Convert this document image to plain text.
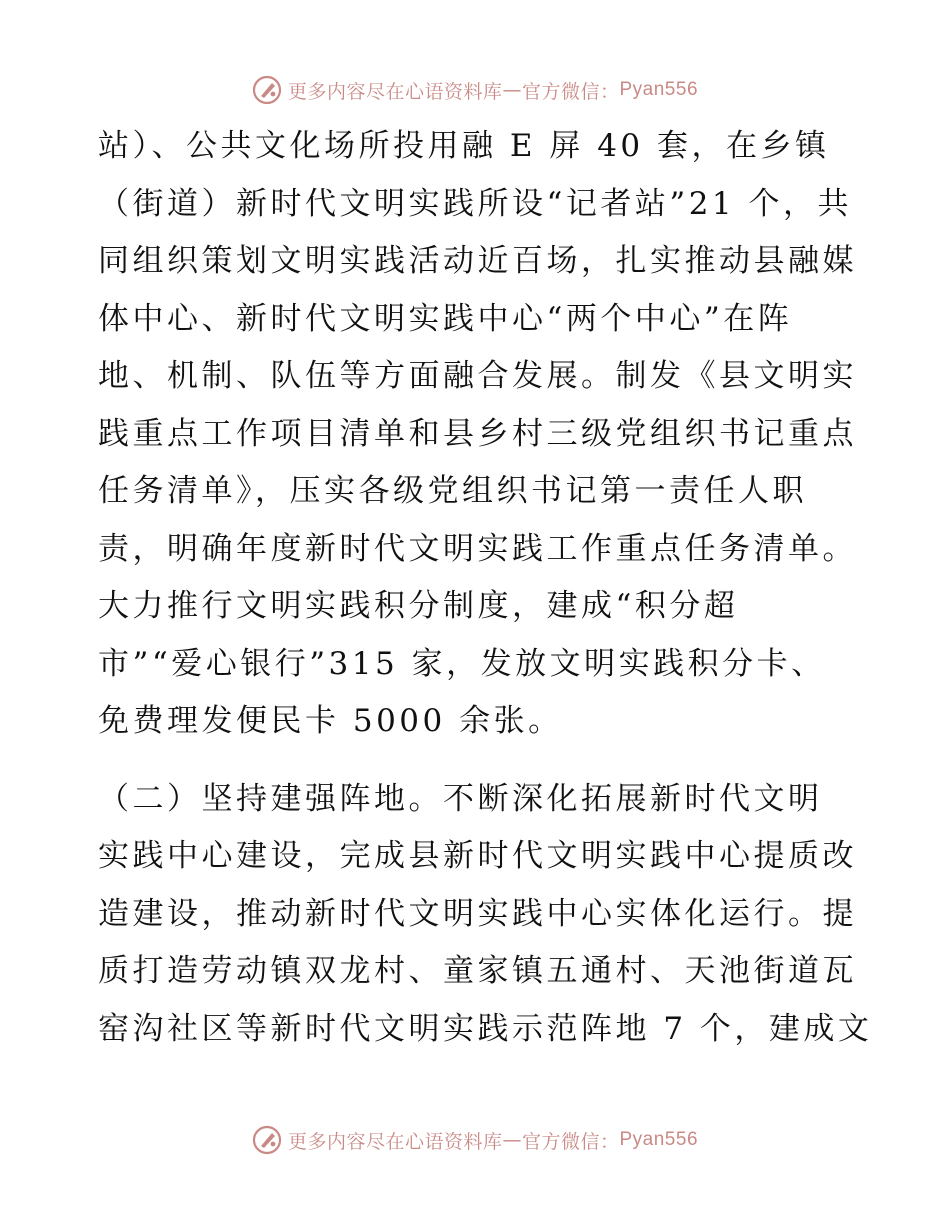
更多内容尽在心语资料库 — 官方微信： Pyan556
站）、公共文化场所投用融 E 屏 40 套，在乡镇
（街道）新时代文明实践所设“记者站”21 个，共
同组织策划文明实践活动近百场，扎实推动县融媒
体中心、新时代文明实践中心“两个中心”在阵
地、机制、队伍等方面融合发展。制发《县文明实
践重点工作项目清单和县乡村三级党组织书记重点
任务清单》，压实各级党组织书记第一责任人职
责，明确年度新时代文明实践工作重点任务清单。
大力推行文明实践积分制度，建成“积分超
市”“爱心银行”315 家，发放文明实践积分卡、
免费理发便民卡 5000 余张。
（二）坚持建强阵地。不断深化拓展新时代文明
实践中心建设，完成县新时代文明实践中心提质改
造建设，推动新时代文明实践中心实体化运行。提
质打造劳动镇双龙村、童家镇五通村、天池街道瓦
窑沟社区等新时代文明实践示范阵地 7 个，建成文
更多内容尽在心语资料库 — 官方微信： Pyan556
